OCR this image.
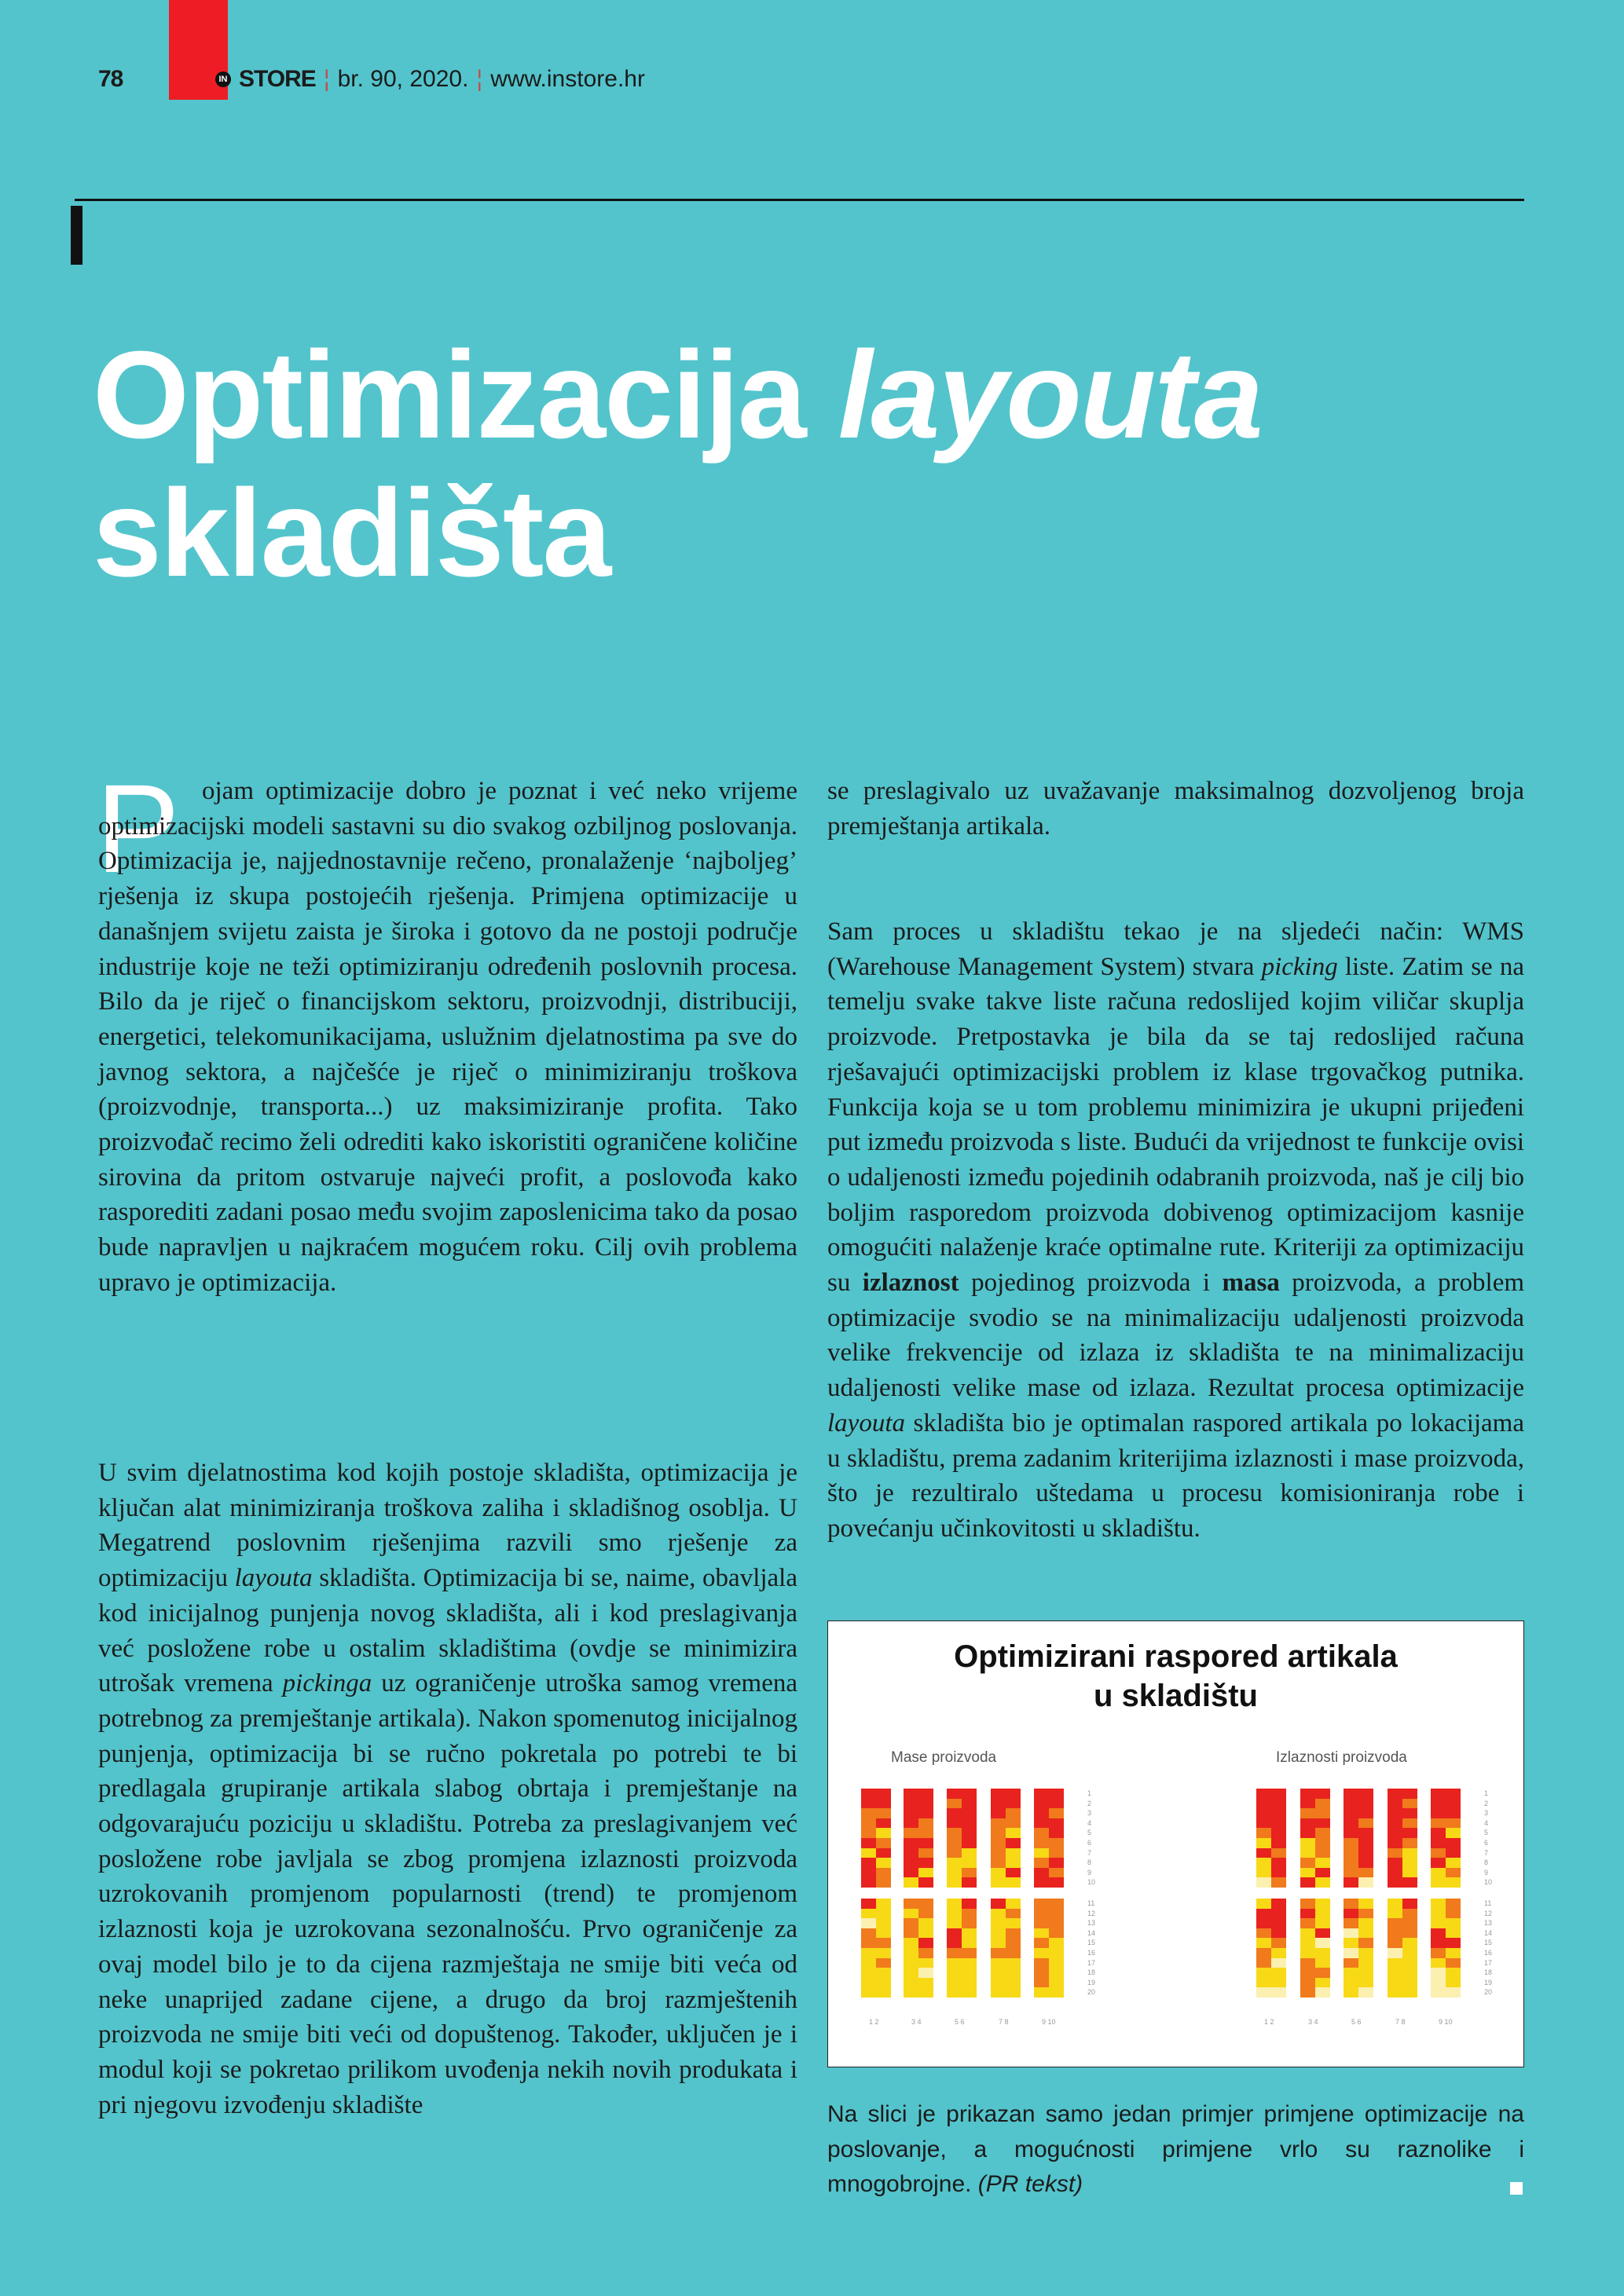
78	IN STORE ¦ br. 90, 2020. ¦ www.instore.hr
Optimizacija layouta
skladišta
P ojam optimizacije dobro je poznat i već neko vrijeme optimizacijski modeli sastavni su dio svakog ozbiljnog poslovanja. Optimizacija je, najjednostavnije rečeno, pronalaženje ‘najboljeg’ rješenja iz skupa postojećih rješenja. Primjena optimizacije u današnjem svijetu zaista je široka i gotovo da ne postoji područje industrije koje ne teži optimiziranju određenih poslovnih procesa. Bilo da je riječ o financijskom sektoru, proizvodnji, distribuciji, energetici, telekomunikacijama, uslužnim djelatnostima pa sve do javnog sektora, a najčešće je riječ o minimiziranju troškova (proizvodnje, transporta...) uz maksimiziranje profita. Tako proizvođač recimo želi odrediti kako iskoristiti ograničene količine sirovina da pritom ostvaruje najveći profit, a poslovođa kako rasporediti zadani posao među svojim zaposlenicima tako da posao bude napravljen u najkraćem mogućem roku. Cilj ovih problema upravo je optimizacija.
U svim djelatnostima kod kojih postoje skladišta, optimizacija je ključan alat minimiziranja troškova zaliha i skladišnog osoblja. U Megatrend poslovnim rješenjima razvili smo rješenje za optimizaciju layouta skladišta. Optimizacija bi se, naime, obavljala kod inicijalnog punjenja novog skladišta, ali i kod preslagivanja već posložene robe u ostalim skladištima (ovdje se minimizira utrošak vremena pickinga uz ograničenje utroška samog vremena potrebnog za premještanje artikala). Nakon spomenutog inicijalnog punjenja, optimizacija bi se ručno pokretala po potrebi te bi predlagala grupiranje artikala slabog obrtaja i premještanje na odgovarajuću poziciju u skladištu. Potreba za preslagivanjem već posložene robe javljala se zbog promjena izlaznosti proizvoda uzrokovanih promjenom popularnosti (trend) te promjenom izlaznosti koja je uzrokovana sezonalnošću. Prvo ograničenje za ovaj model bilo je to da cijena razmještaja ne smije biti veća od neke unaprijed zadane cijene, a drugo da broj razmještenih proizvoda ne smije biti veći od dopuštenog. Također, uključen je i modul koji se pokretao prilikom uvođenja nekih novih produkata i pri njegovu izvođenju skladište
se preslagivalo uz uvažavanje maksimalnog dozvoljenog broja premještanja artikala.
Sam proces u skladištu tekao je na sljedeći način: WMS (Warehouse Management System) stvara picking liste. Zatim se na temelju svake takve liste računa redoslijed kojim viličar skuplja proizvode. Pretpostavka je bila da se taj redoslijed računa rješavajući optimizacijski problem iz klase trgovačkog putnika. Funkcija koja se u tom problemu minimizira je ukupni prijeđeni put između proizvoda s liste. Budući da vrijednost te funkcije ovisi o udaljenosti između pojedinih odabranih proizvoda, naš je cilj bio boljim rasporedom proizvoda dobivenog optimizacijom kasnije omogućiti nalaženje kraće optimalne rute. Kriteriji za optimizaciju su izlaznost pojedinog proizvoda i masa proizvoda, a problem optimizacije svodio se na minimalizaciju udaljenosti proizvoda velike frekvencije od izlaza iz skladišta te na minimalizaciju udaljenosti velike mase od izlaza. Rezultat procesa optimizacije layouta skladišta bio je optimalan raspored artikala po lokacijama u skladištu, prema zadanim kriterijima izlaznosti i mase proizvoda, što je rezultiralo uštedama u procesu komisioniranja robe i povećanju učinkovitosti u skladištu.
Optimizirani raspored artikala
u skladištu
Mase proizvoda	Izlaznosti proizvoda
1
2
3
4
5
6
7
8
9
10
11
12
13
14
15
16
17
18
19
20
1 2	3 4	5 6	7 8	9 10
1
2
3
4
5
6
7
8
9
10
11
12
13
14
15
16
17
18
19
20
1 2	3 4	5 6	7 8	9 10
Na slici je prikazan samo jedan primjer primjene optimizacije na poslovanje, a mogućnosti primjene vrlo su raznolike i mnogobrojne. (PR tekst)
